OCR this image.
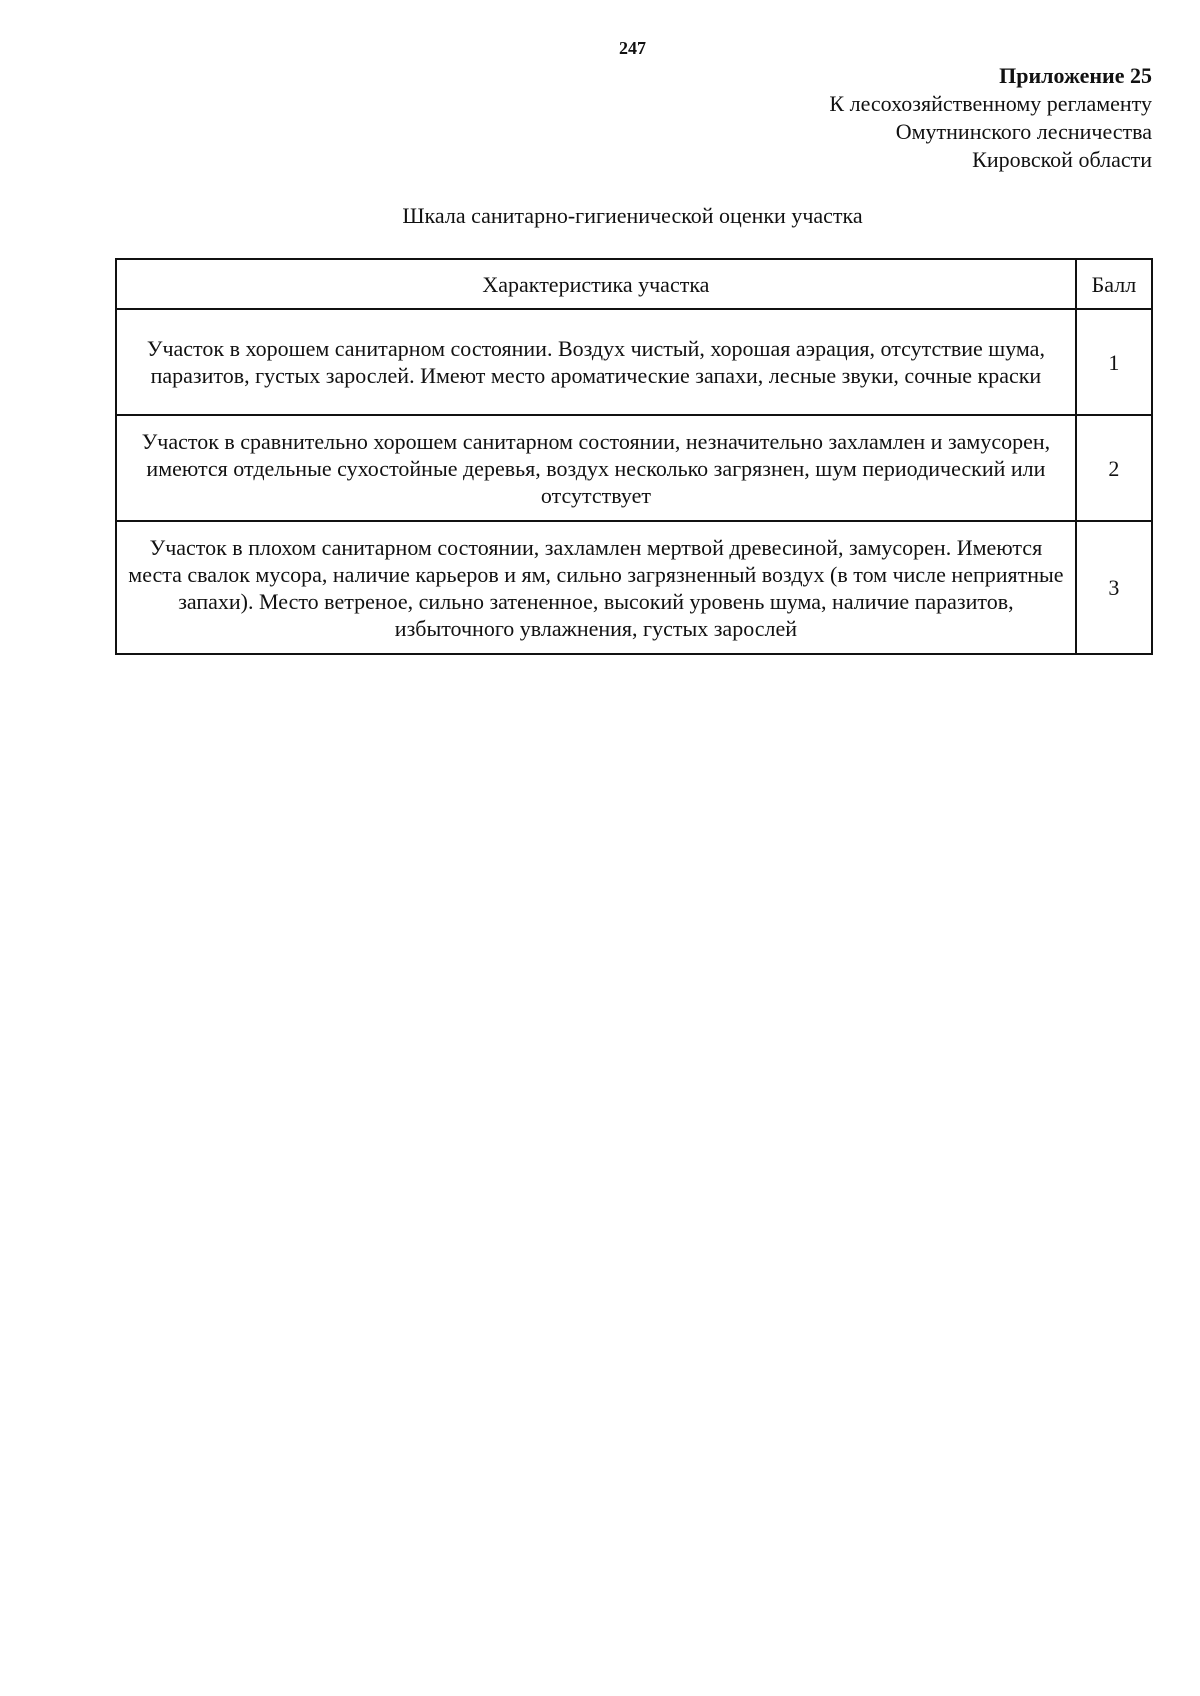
247
Приложение 25
К лесохозяйственному регламенту
Омутнинского лесничества
Кировской области
Шкала санитарно-гигиенической оценки участка
Характеристика участка	Балл
Участок в хорошем санитарном состоянии. Воздух чистый, хорошая аэрация, отсутствие шума, паразитов, густых зарослей. Имеют место ароматические запахи, лесные звуки, сочные краски	1
Участок в сравнительно хорошем санитарном состоянии, незначительно захламлен и замусорен, имеются отдельные сухостойные деревья, воздух несколько загрязнен, шум периодический или отсутствует	2
Участок в плохом санитарном состоянии, захламлен мертвой древесиной, замусорен. Имеются места свалок мусора, наличие карьеров и ям, сильно загрязненный воздух (в том числе неприятные запахи). Место ветреное, сильно затененное, высокий уровень шума, наличие паразитов, избыточного увлажнения, густых зарослей	3
